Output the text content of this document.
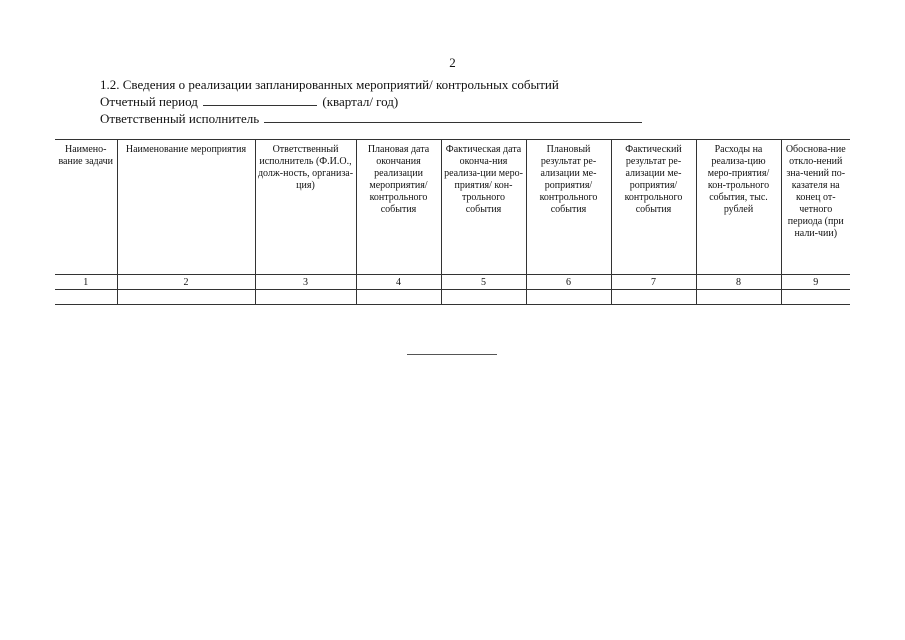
2
1.2. Сведения о реализации запланированных мероприятий/ контрольных событий
Отчетный период	(квартал/ год)
Ответственный исполнитель
Наимено-вание задачи	Наименование мероприятия	Ответственный исполнитель (Ф.И.О., долж-ность, организа-ция)	Плановая дата окончания реализации мероприятия/ контрольного события	Фактическая дата оконча-ния реализа-ции меро-приятия/ кон-трольного события	Плановый результат ре-ализации ме-роприятия/ контрольного события	Фактический результат ре-ализации ме-роприятия/ контрольного события	Расходы на реализа-цию меро-приятия/ кон-трольного события, тыс. рублей	Обоснова-ние откло-нений зна-чений по-казателя на конец от-четного периода (при нали-чии)
1	2	3	4	5	6	7	8	9
